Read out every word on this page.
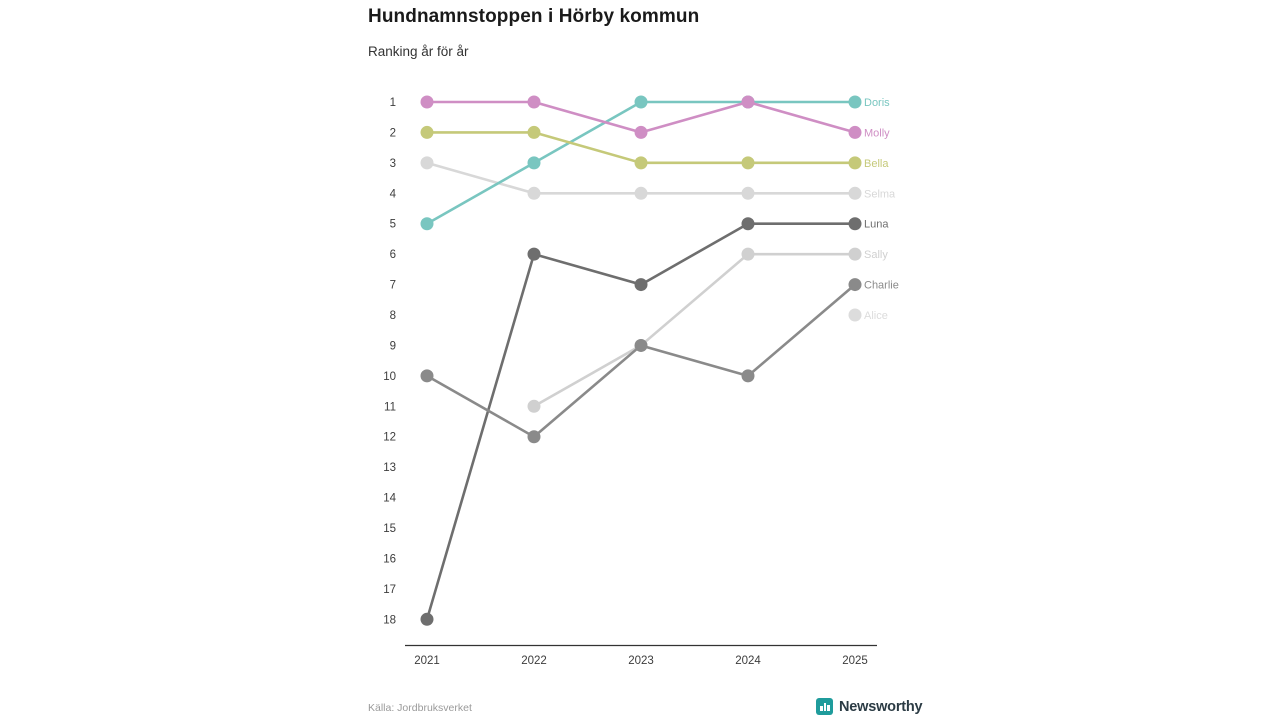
Hundnamnstoppen i Hörby kommun
Ranking år för år
1
2
3
4
5
6
7
8
9
10
11
12
13
14
15
16
17
18
2021	2022	2023	2024	2025
Selma
Luna
Sally
Charlie
Alice
Doris
Molly
Bella
Källa: Jordbruksverket	Newsworthy
